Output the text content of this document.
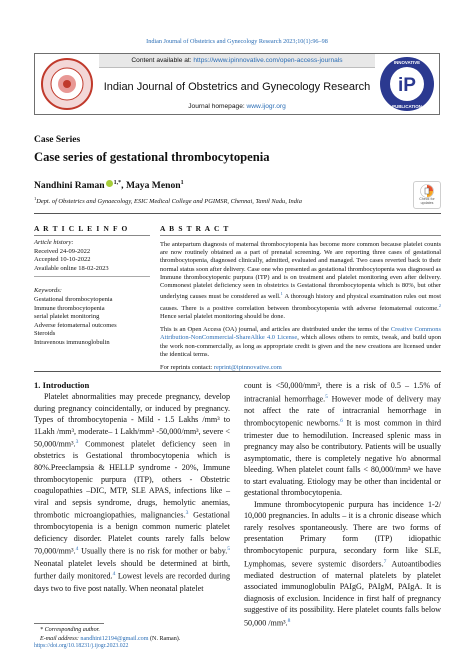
Indian Journal of Obstetrics and Gynecology Research 2023;10(1):96–98
Content available at: https://www.ipinnovative.com/open-access-journals
Indian Journal of Obstetrics and Gynecology Research
Journal homepage: www.ijogr.org
iP
INNOVATIVE
PUBLICATION
Case Series
Case series of gestational thrombocytopenia
Nandhini Raman $^{1,*}$, Maya Menon$^1$
$^1$Dept. of Obstetrics and Gynaecology, ESIC Medical College and PGIMSR, Chennai, Tamil Nadu, India	Check for updates
A R T I C L E I N F O	A B S T R A C T
Article history:
Received 24-09-2022
Accepted 10-10-2022
Available online 18-02-2023
Keywords:
Gestational thrombocytopenia
Immune thrombocytopenia
serial platelet monitoring
Adverse fetomaternal outcomes
Steroids
Intravenous immunoglobulin

The antepartum diagnosis of maternal thrombocytopenia has become more common because platelet counts are now routinely obtained as a part of prenatal screening. We are reporting three cases of gestational thrombocytopenia, diagnosed clinically, admitted, evaluated and managed. Two cases reverted back to their normal status soon after delivery. Case one who presented as gestational thrombocytopenia was diagnosed as Immune thrombocytopenic purpura (ITP) and is on treatment and platelet monitoring even after delivery. Commonest platelet deficiency seen in obstetrics is Gestational thrombocytopenia which is 80%, but other underlying causes must be considered as well.$^1$ A thorough history and physical examination rules out most causes. There is a positive correlation between thrombocytopenia with adverse fetomaternal outcome.$^2$ Hence serial platelet monitoring should be done.

This is an Open Access (OA) journal, and articles are distributed under the terms of the Creative Commons Attribution-NonCommercial-ShareAlike 4.0 License, which allows others to remix, tweak, and build upon the work non-commercially, as long as appropriate credit is given and the new creations are licensed under the identical terms.

For reprints contact: reprint@ipinnovative.com

1. Introduction

Platelet abnormalities may precede pregnancy, develop during pregnancy coincidentally, or induced by pregnancy. Types of thrombocytopenia - Mild - 1.5 Lakhs /mm³ to 1Lakh /mm³, moderate– 1 Lakh/mm³ -50,000/mm³, severe < 50,000/mm³.$^3$ Commonest platelet deficiency seen in obstetrics is Gestational thrombocytopenia which is 80%.Preeclampsia & HELLP syndrome - 20%, Immune thrombocytopenic purpura (ITP), others - Obstetric coagulopathies –DIC, MTP, SLE APAS, infections like – viral and sepsis syndrome, drugs, hemolytic anemias, thrombotic microangiopathies, malignancies.$^3$ Gestational thrombocytopenia is a benign common numeric platelet deficiency disorder. Platelet counts rarely falls below 70,000/mm³.$^4$ Usually there is no risk for mother or baby.$^5$ Neonatal platelet levels should be determined at birth, further daily monitored.$^4$ Lowest levels are recorded during days two to five post natally. When neonatal platelet

count is <50,000/mm³, there is a risk of 0.5 – 1.5% of intracranial hemorrhage.$^5$ However mode of delivery may not affect the rate of intracranial hemorrhage in thrombocytopenic newborns.$^6$ It is most common in third trimester due to hemodilution. Increased splenic mass in pregnancy may also be contributory. Patients will be usually asymptomatic, there is completely negative h/o abnormal bleeding. When platelet count falls < 80,000/mm³ we have to start evaluating. Etiology may be other than incidental or gestational thrombocytopenia.

Immune thrombocytopenic purpura has incidence 1-2/ 10,000 pregnancies. In adults – it is a chronic disease which rarely resolves spontaneously. There are two forms of presentation Primary form (ITP) idiopathic thrombocytopenic purpura, secondary form like SLE, Lymphomas, severe systemic disorders.$^7$ Autoantibodies mediated destruction of maternal platelets by platelet associated immunoglobulin PAIgG, PAIgM, PAIgA. It is diagnosis of exclusion. Incidence in first half of pregnancy suggestive of its possibility. Here platelet counts falls below 50,000 /mm³.$^8$

* Corresponding author.
E-mail address: nandhini12194@gmail.com (N. Raman).
https://doi.org/10.18231/j.ijogr.2023.022
